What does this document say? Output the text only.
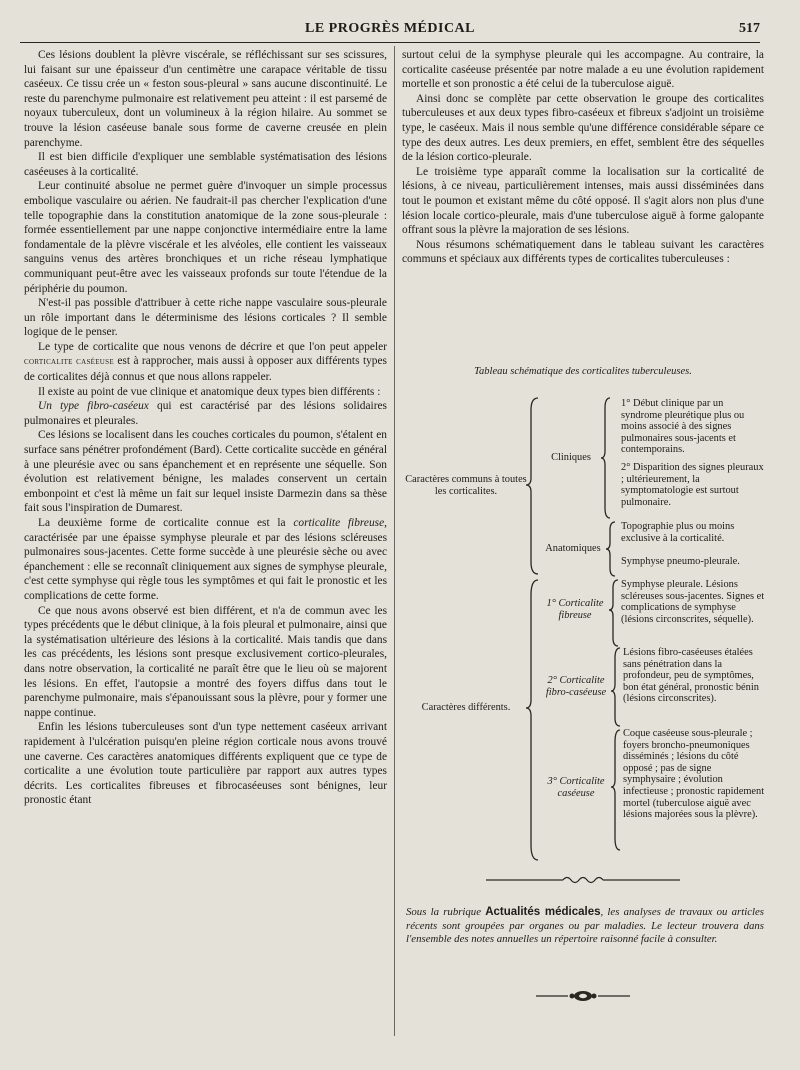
LE PROGRÈS MÉDICAL	517

Ces lésions doublent la plèvre viscérale, se réfléchissant sur ses scissures, lui faisant sur une épaisseur d'un centimètre une carapace véritable de tissu caséeux. Ce tissu crée un « feston sous-pleural » sans aucune discontinuité. Le reste du parenchyme pulmonaire est relativement peu atteint : il est parsemé de noyaux tuberculeux, dont un volumineux à la région hilaire. Au sommet se trouve la lésion caséeuse banale sous forme de caverne creusée en plein parenchyme.

Il est bien difficile d'expliquer une semblable systématisation des lésions caséeuses à la corticalité.

Leur continuité absolue ne permet guère d'invoquer un simple processus embolique vasculaire ou aérien. Ne faudrait-il pas chercher l'explication d'une telle topographie dans la constitution anatomique de la zone sous-pleurale : formée essentiellement par une nappe conjonctive intermédiaire entre la lame fondamentale de la plèvre viscérale et les alvéoles, elle contient les vaisseaux sanguins venus des artères bronchiques et un riche réseau lymphatique communiquant peut-être avec les vaisseaux profonds sur toute l'étendue de la périphérie du poumon.

N'est-il pas possible d'attribuer à cette riche nappe vasculaire sous-pleurale un rôle important dans le déterminisme des lésions corticales ? Il semble logique de le penser.

Le type de corticalite que nous venons de décrire et que l'on peut appeler corticalite caséeuse est à rapprocher, mais aussi à opposer aux différents types de corticalites déjà connus et que nous allons rappeler.

Il existe au point de vue clinique et anatomique deux types bien différents :

Un type fibro-caséeux qui est caractérisé par des lésions solidaires pulmonaires et pleurales.

Ces lésions se localisent dans les couches corticales du poumon, s'étalent en surface sans pénétrer profondément (Bard). Cette corticalite succède en général à une pleurésie avec ou sans épanchement et en représente une séquelle. Son évolution est relativement bénigne, les malades conservent un certain embonpoint et c'est là même un fait sur lequel insiste Darmezin dans sa thèse fait sous l'inspiration de Dumarest.

La deuxième forme de corticalite connue est la corticalite fibreuse, caractérisée par une épaisse symphyse pleurale et par des lésions scléreuses pulmonaires sous-jacentes. Cette forme succède à une pleurésie sèche ou avec épanchement : elle se reconnaît cliniquement aux signes de symphyse pleurale, c'est cette symphyse qui règle tous les symptômes et qui fait le pronostic et les complications de cette forme.

Ce que nous avons observé est bien différent, et n'a de commun avec les types précédents que le début clinique, à la fois pleural et pulmonaire, ainsi que la systématisation ultérieure des lésions à la corticalité. Mais tandis que dans les cas précédents, les lésions sont presque exclusivement cortico-pleurales, dans notre observation, la corticalité ne paraît être que le lieu où se majorent les lésions. En effet, l'autopsie a montré des foyers diffus dans tout le parenchyme pulmonaire, mais s'épanouissant sous la plèvre, pour y former une nappe continue.

Enfin les lésions tuberculeuses sont d'un type nettement caséeux arrivant rapidement à l'ulcération puisqu'en pleine région corticale nous avons trouvé une caverne. Ces caractères anatomiques différents expliquent que ce type de corticalite a une évolution toute particulière par rapport aux autres types décrits. Les corticalites fibreuses et fibrocaséeuses sont bénignes, leur pronostic étant

surtout celui de la symphyse pleurale qui les accompagne. Au contraire, la corticalite caséeuse présentée par notre malade a eu une évolution rapidement mortelle et son pronostic a été celui de la tuberculose aiguë.

Ainsi donc se complète par cette observation le groupe des corticalites tuberculeuses et aux deux types fibro-caséeux et fibreux s'adjoint un troisième type, le caséeux. Mais il nous semble qu'une différence considérable sépare ce type des deux autres. Les deux premiers, en effet, semblent être des séquelles de la lésion cortico-pleurale.

Le troisième type apparaît comme la localisation sur la corticalité de lésions, à ce niveau, particulièrement intenses, mais aussi disséminées dans tout le poumon et existant même du côté opposé. Il s'agit alors non plus d'une lésion locale cortico-pleurale, mais d'une tuberculose aiguë à forme galopante offrant sous la plèvre la majoration de ses lésions.

Nous résumons schématiquement dans le tableau suivant les caractères communs et spéciaux aux différents types de corticalites tuberculeuses :

Tableau schématique des corticalites tuberculeuses.
Caractères communs à toutes les corticalites.
Cliniques
1° Début clinique par un syndrome pleurétique plus ou moins associé à des signes pulmonaires sous-jacents et contemporains.
2° Disparition des signes pleuraux ; ultérieurement, la symptomatologie est surtout pulmonaire.
Anatomiques
Topographie plus ou moins exclusive à la corticalité.
Symphyse pneumo-pleurale.
Caractères différents.
1° Corticalite fibreuse
Symphyse pleurale. Lésions scléreuses sous-jacentes. Signes et complications de symphyse (lésions circonscrites, séquelle).
2° Corticalite fibro-caséeuse
Lésions fibro-caséeuses étalées sans pénétration dans la profondeur, peu de symptômes, bon état général, pronostic bénin (lésions circonscrites).
3° Corticalite caséeuse
Coque caséeuse sous-pleurale ; foyers broncho-pneumoniques disséminés ; lésions du côté opposé ; pas de signe symphysaire ; évolution infectieuse ; pronostic rapidement mortel (tuberculose aiguë avec lésions majorées sous la plèvre).
Sous la rubrique Actualités médicales, les analyses de travaux ou articles récents sont groupées par organes ou par maladies. Le lecteur trouvera dans l'ensemble des notes annuelles un répertoire raisonné facile à consulter.
